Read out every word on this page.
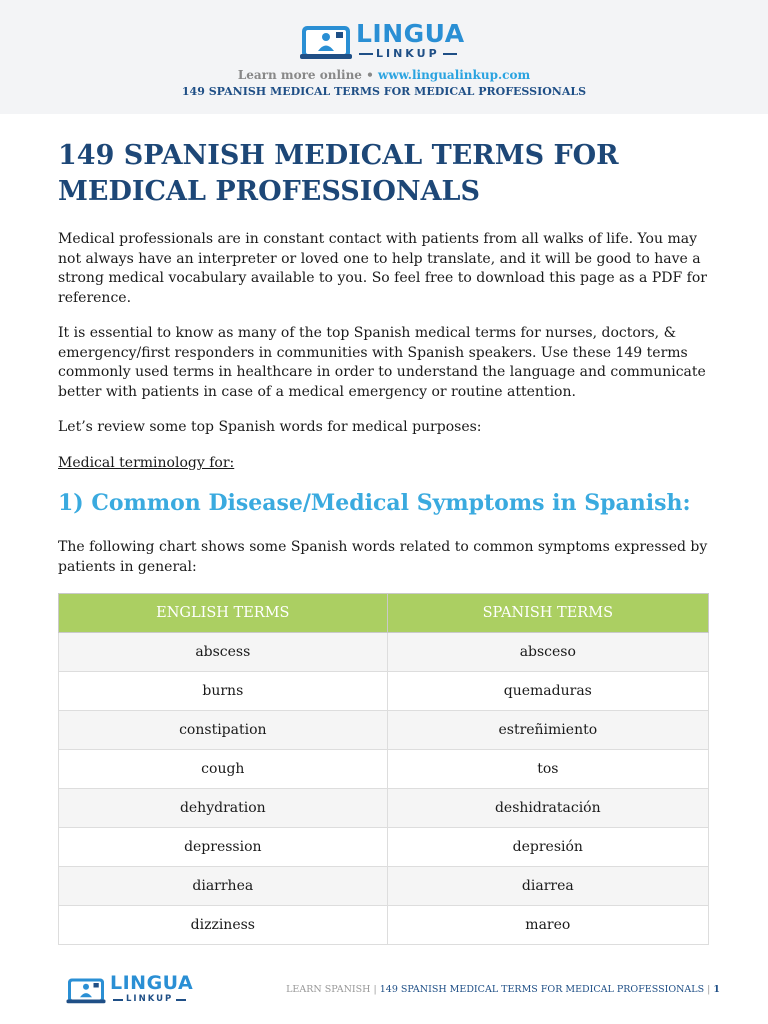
LINGUA
LINKUP
Learn more online • www.lingualinkup.com
149 SPANISH MEDICAL TERMS FOR MEDICAL PROFESSIONALS
149 SPANISH MEDICAL TERMS FOR MEDICAL PROFESSIONALS

Medical professionals are in constant contact with patients from all walks of life. You may not always have an interpreter or loved one to help translate, and it will be good to have a strong medical vocabulary available to you. So feel free to download this page as a PDF for reference.

It is essential to know as many of the top Spanish medical terms for nurses, doctors, & emergency/first responders in communities with Spanish speakers. Use these 149 terms commonly used terms in healthcare in order to understand the language and communicate better with patients in case of a medical emergency or routine attention.

Let’s review some top Spanish words for medical purposes:

Medical terminology for:

1) Common Disease/Medical Symptoms in Spanish:

The following chart shows some Spanish words related to common symptoms expressed by patients in general:

ENGLISH TERMS	SPANISH TERMS
abscess	absceso
burns	quemaduras
constipation	estreñimiento
cough	tos
dehydration	deshidratación
depression	depresión
diarrhea	diarrea
dizziness	mareo
LINGUA
LINKUP
LEARN SPANISH | 149 SPANISH MEDICAL TERMS FOR MEDICAL PROFESSIONALS | 1
